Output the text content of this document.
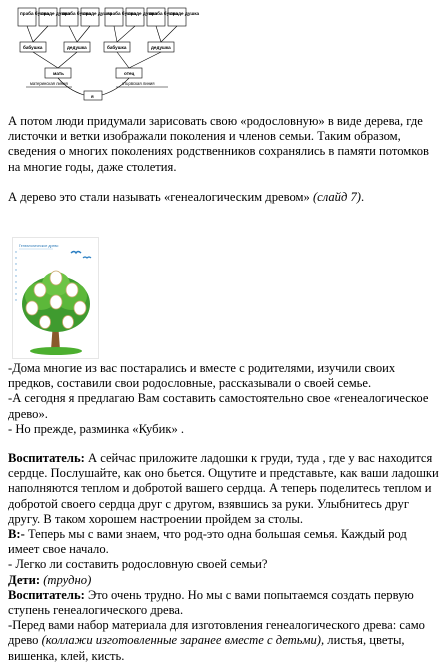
праба бушка
праде душка
праба бушка
праде душка
праба бушка
праде душка
праба бушка
праде душка
бабушка	дедушка	бабушка	дедушка
мать	отец
я
материнская линия	отцовская линия

А потом люди придумали зарисовать свою «родословную» в виде дерева, где листочки и ветки изображали поколения и членов семьи. Таким образом, сведения о многих поколениях родственников сохранялись в памяти потомков на многие годы, даже столетия.

А дерево это стали называть «генеалогическим древом» (слайд 7).

Генеалогическое древо

-Дома многие из вас постарались и вместе с родителями, изучили своих предков, составили свои родословные, рассказывали о своей семье.

-А сегодня я предлагаю Вам составить самостоятельно свое «генеалогическое древо».

- Но прежде, разминка «Кубик» .

Воспитатель: А сейчас приложите ладошки к груди, туда , где у вас находится сердце. Послушайте, как оно бьется. Ощутите и представьте, как ваши ладошки наполняются теплом и добротой вашего сердца. А теперь поделитесь теплом и добротой своего сердца друг с другом, взявшись за руки. Улыбнитесь друг другу. В таком хорошем настроении пройдем за столы.

В:- Теперь мы с вами знаем, что род-это одна большая семья. Каждый род имеет свое начало.

- Легко ли составить родословную своей семьи?

Дети: (трудно)

Воспитатель: Это очень трудно. Но мы с вами попытаемся создать первую ступень генеалогического древа.

-Перед вами набор материала для изготовления генеалогического древа: само древо (коллажи изготовленные заранее вместе с детьми), листья, цветы, вишенка, клей, кисть.
